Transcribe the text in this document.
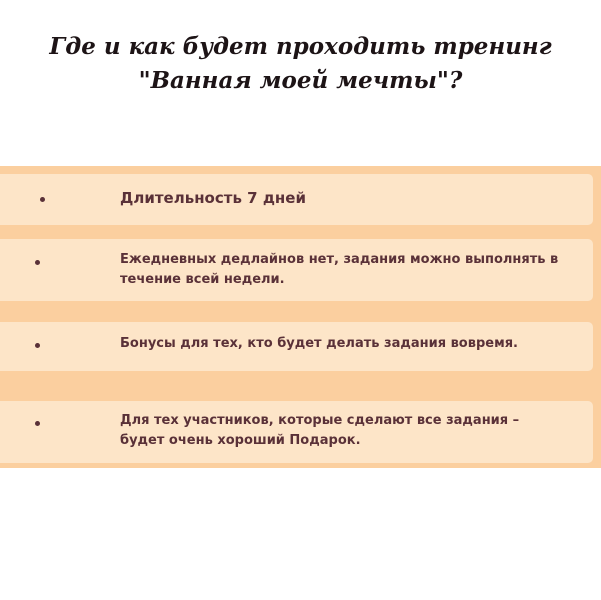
Где и как будет проходить тренинг
"Ванная моей мечты"?

Длительность 7 дней

Ежедневных дедлайнов нет, задания можно выполнять в течение всей недели.

Бонусы для тех, кто будет делать задания вовремя.

Для тех участников, которые сделают все задания – будет очень хороший Подарок.
